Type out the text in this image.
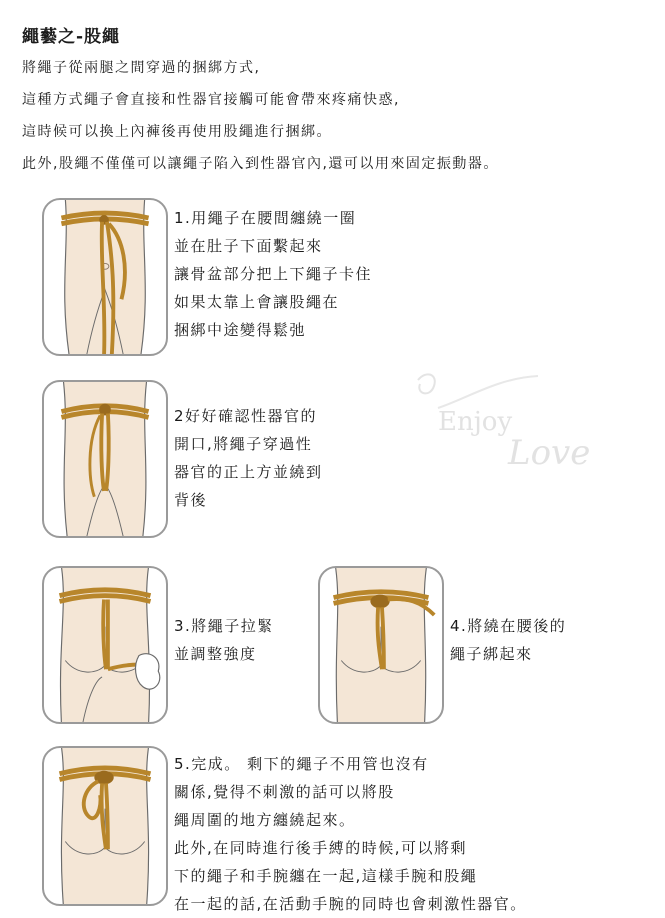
繩藝之-股繩
將繩子從兩腿之間穿過的捆綁方式,
這種方式繩子會直接和性器官接觸可能會帶來疼痛快惑,
這時候可以換上內褲後再使用股繩進行捆綁。
此外,股繩不僅僅可以讓繩子陷入到性器官內,還可以用來固定振動器。
1.用繩子在腰間纏繞一圈
並在肚子下面繫起來
讓骨盆部分把上下繩子卡住
如果太靠上會讓股繩在
捆綁中途變得鬆弛
2好好確認性器官的
開口,將繩子穿過性
器官的正上方並繞到
背後
3.將繩子拉緊
並調整強度
4.將繞在腰後的
繩子綁起來
5.完成。 剩下的繩子不用管也沒有
關係,覺得不刺激的話可以將股
繩周圍的地方纏繞起來。
此外,在同時進行後手縛的時候,可以將剩
下的繩子和手腕纏在一起,這樣手腕和股繩
在一起的話,在活動手腕的同時也會刺激性器官。
Enjoy
Love
